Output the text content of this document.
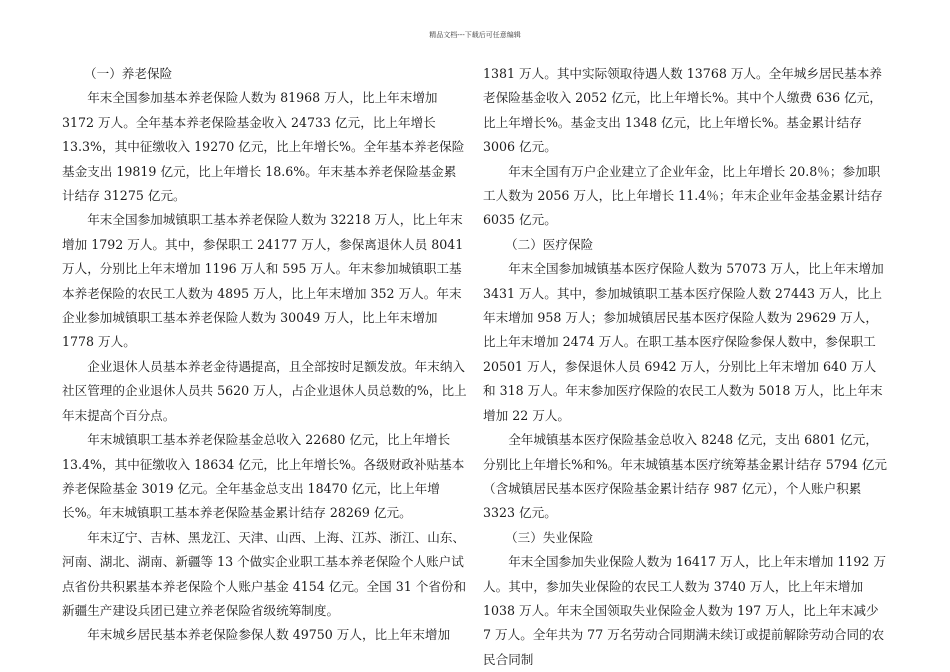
精品文档---下载后可任意编辑

（一）养老保险

年末全国参加基本养老保险人数为 81968 万人，比上年末增加 3172 万人。全年基本养老保险基金收入 24733 亿元，比上年增长 13.3%，其中征缴收入 19270 亿元，比上年增长%。全年基本养老保险基金支出 19819 亿元，比上年增长 18.6%。年末基本养老保险基金累计结存 31275 亿元。

年末全国参加城镇职工基本养老保险人数为 32218 万人，比上年末增加 1792 万人。其中，参保职工 24177 万人，参保离退休人员 8041 万人，分别比上年末增加 1196 万人和 595 万人。年末参加城镇职工基本养老保险的农民工人数为 4895 万人，比上年末增加 352 万人。年末企业参加城镇职工基本养老保险人数为 30049 万人，比上年末增加 1778 万人。

企业退休人员基本养老金待遇提高，且全部按时足额发放。年末纳入社区管理的企业退休人员共 5620 万人，占企业退休人员总数的%，比上年末提高个百分点。

年末城镇职工基本养老保险基金总收入 22680 亿元，比上年增长 13.4%，其中征缴收入 18634 亿元，比上年增长%。各级财政补贴基本养老保险基金 3019 亿元。全年基金总支出 18470 亿元，比上年增长%。年末城镇职工基本养老保险基金累计结存 28269 亿元。

年末辽宁、吉林、黑龙江、天津、山西、上海、江苏、浙江、山东、河南、湖北、湖南、新疆等 13 个做实企业职工基本养老保险个人账户试点省份共积累基本养老保险个人账户基金 4154 亿元。全国 31 个省份和新疆生产建设兵团已建立养老保险省级统筹制度。

年末城乡居民基本养老保险参保人数 49750 万人，比上年末增加

1381 万人。其中实际领取待遇人数 13768 万人。全年城乡居民基本养老保险基金收入 2052 亿元，比上年增长%。其中个人缴费 636 亿元，比上年增长%。基金支出 1348 亿元，比上年增长%。基金累计结存 3006 亿元。

年末全国有万户企业建立了企业年金，比上年增长 20.8％；参加职工人数为 2056 万人，比上年增长 11.4％；年末企业年金基金累计结存 6035 亿元。

（二）医疗保险

年末全国参加城镇基本医疗保险人数为 57073 万人，比上年末增加 3431 万人。其中，参加城镇职工基本医疗保险人数 27443 万人，比上年末增加 958 万人；参加城镇居民基本医疗保险人数为 29629 万人，比上年末增加 2474 万人。在职工基本医疗保险参保人数中，参保职工 20501 万人，参保退休人员 6942 万人，分别比上年末增加 640 万人和 318 万人。年末参加医疗保险的农民工人数为 5018 万人，比上年末增加 22 万人。

全年城镇基本医疗保险基金总收入 8248 亿元，支出 6801 亿元，分别比上年增长%和%。年末城镇基本医疗统筹基金累计结存 5794 亿元（含城镇居民基本医疗保险基金累计结存 987 亿元），个人账户积累 3323 亿元。

（三）失业保险

年末全国参加失业保险人数为 16417 万人，比上年末增加 1192 万人。其中，参加失业保险的农民工人数为 3740 万人，比上年末增加 1038 万人。年末全国领取失业保险金人数为 197 万人，比上年末减少 7 万人。全年共为 77 万名劳动合同期满未续订或提前解除劳动合同的农民合同制
